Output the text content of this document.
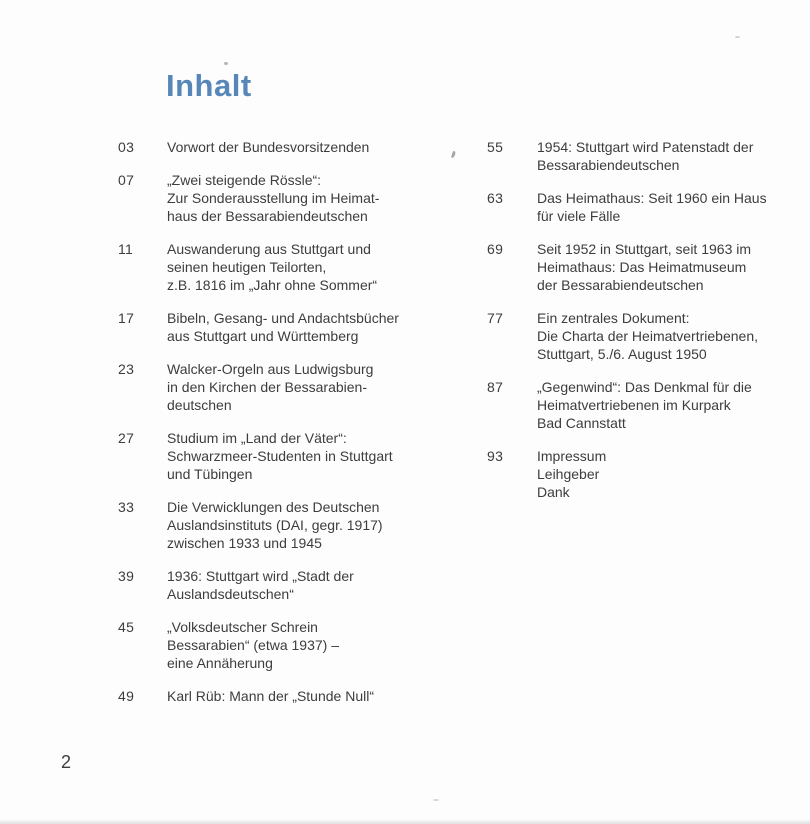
Inhalt
03	Vorwort der Bundesvorsitzenden
07	„Zwei steigende Rössle“:
Zur Sonderausstellung im Heimat-
haus der Bessarabiendeutschen
11	Auswanderung aus Stuttgart und
seinen heutigen Teilorten,
z.B. 1816 im „Jahr ohne Sommer“
17	Bibeln, Gesang- und Andachtsbücher
aus Stuttgart und Württemberg
23	Walcker-Orgeln aus Ludwigsburg
in den Kirchen der Bessarabien-
deutschen
27	Studium im „Land der Väter“:
Schwarzmeer-Studenten in Stuttgart
und Tübingen
33	Die Verwicklungen des Deutschen
Auslandsinstituts (DAI, gegr. 1917)
zwischen 1933 und 1945
39	1936: Stuttgart wird „Stadt der
Auslandsdeutschen“
45	„Volksdeutscher Schrein
Bessarabien“ (etwa 1937) –
eine Annäherung
49	Karl Rüb: Mann der „Stunde Null“
55	1954: Stuttgart wird Patenstadt der
Bessarabiendeutschen
63	Das Heimathaus: Seit 1960 ein Haus
für viele Fälle
69	Seit 1952 in Stuttgart, seit 1963 im
Heimathaus: Das Heimatmuseum
der Bessarabiendeutschen
77	Ein zentrales Dokument:
Die Charta der Heimatvertriebenen,
Stuttgart, 5./6. August 1950
87	„Gegenwind“: Das Denkmal für die
Heimatvertriebenen im Kurpark
Bad Cannstatt
93	Impressum
Leihgeber
Dank
2
